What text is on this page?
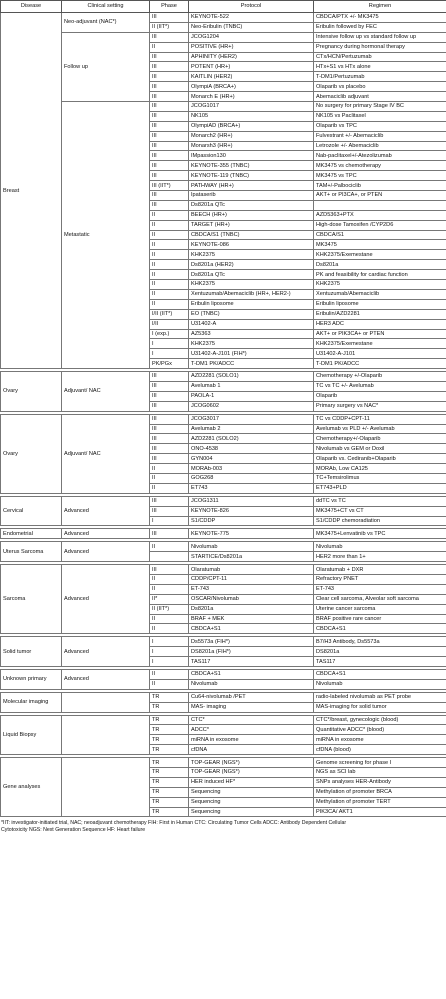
Disease	Clinical setting	Phase	Protocol	Regimen
Breast	Neo-adjuvant (NAC*)	III	KEYNOTE-522	CBDCA/PTX +/- MK3475
		II (IIT*)	Neo-Eribulin (TNBC)	Eribulin followed by FEC
	Follow up	III	JCOG1204	Intensive follow up vs standard follow up
		II	POSITIVE (HR+)	Pregnancy during hormonal therapy
		III	APHINITY (HER2)	CTx/HCN/Pertuzumab
		III	POTENT (HR+)	HTx+S1 vs HTx alone
		III	KAITLIN (HER2)	T-DM1/Pertuzumab
		III	OlympiA (BRCA+)	Olaparib vs placebo
		III	Monarch E (HR+)	Abemaciclib adjuvant
	Metastatic	III	JCOG1017	No surgery for primary Stage IV BC
		III	NK105	NK105 vs Paclitaxel
		III	OlympiAD (BRCA+)	Olaparib vs TPC
		III	Monarch2 (HR+)	Fulvestrant +/- Abemaciclib
		III	Monarsh3 (HR+)	Letrozole +/- Abemaciclib
		III	IMpassion130	Nab-paclitaxel+/-Atezolizumab
		III	KEYNOTE-355 (TNBC)	MK3475 vs chemotherapy
		III	KEYNOTE-119 (TNBC)	MK3475 vs TPC
		III (IIT*)	PATHWAY (HR+)	TAM+/-Palbociclib
		III	Ipataserib	AKT+ or PI3CA+, or PTEN
		III	Ds8201a QTc	
		II	BEECH (HR+)	AZD5363+PTX
		II	TARGET (HR+)	High-dose Tamoxifen /CYP2D6
		II	CBDCA/S1 (TNBC)	CBDCA/S1
		II	KEYNOTE-086	MK3475
		II	KHK2375	KHK2375/Exemestane
		II	Ds8201a (HER2)	Ds8201a
		II	Ds8201a QTc	PK and feasibility for cardiac function
		II	KHK2375	KHK2375
		II	Xentuzumab/Abemaciclib (HR+, HER2-)	Xentuzumab/Abemaciclib
		II	Eribulin liposome	Eribulin liposome
		I/II (IIT*)	EO (TNBC)	Eribulin/AZD2281
		I/II	U31402-A	HER3 ADC
		I (exp.)	AZ5363	AKT+ or PIK3CA+ or PTEN
		I	KHK2375	KHK2375/Exemestane
		I	U31402-A-J101 (FIH*)	U31402-A-J101
		PK/PGx	T-DM1 PK/ADCC	T-DM1 PK/ADCC

Ovary	Adjuvant/ NAC	III	AZD2281 (SOLO1)	Chemotherapy +/-Olaparib
		III	Avelumab 1	TC vs TC +/- Avelumab
		III	PAOLA-1	Olaparib
		III	JCOG0602	Primary surgery vs NAC*

Ovary	Adjuvant/ NAC	III	JCOG3017	TC vs CDDP+CPT-11
		III	Avelumab 2	Avelumab vs PLD +/- Avelumab
		III	AZD2281 (SOLO2)	Chemotherapy+/-Olaparib
		III	ONO-4538	Nivolumab vs GEM or Doxil
		III	GYN004	Olaparib vs. Cediranib+Olaparib
		II	MORAb-003	MORAb, Low CA125
		II	GOG268	TC+Temsirolimus
		II	ET743	ET743+PLD

Cervical	Advanced	III	JCOG1311	ddTC vs TC
		III	KEYNOTE-826	MK3475+CT vs CT
		I	S1/CDDP	S1/CDDP chemoradiation

Endometrial	Advanced	III	KEYNOTE-775	MK3475+Lenvatinib vs TPC

Uterus Sarcoma	Advanced	II	Nivolumab	Nivolumab
			STARTICE/Ds8201a	HER2 more than 1+

Sarcoma	Advanced	III	Olaratumab	Olaratumab + DXR
		II	CDDP/CPT-11	Refractory PNET
		II	ET-743	ET-743
		II*	OSCAR/Nivolumab	Clear cell sarcoma, Alveolar soft sarcoma
		II (IIT*)	Ds8201a	Uterine cancer sarcoma
		II	BRAF + MEK	BRAF positive rare cancer
		II	CBDCA+S1	CBDCA+S1

Solid tumor	Advanced	I	Ds5573a (FIH*)	B7/H3 Antibody, Ds5573a
		I	DS8201a (FIH*)	DS8201a
		I	TAS117	TAS117

Unknown primary	Advanced	II	CBDCA+S1	CBDCA+S1
		II	Nivolumab	Nivolumab

Molecular imaging		TR	Cu64-nivolumab /PET	radio-labeled nivolumab as PET probe
		TR	MAS- imaging	MAS-imaging for solid tumor

Liquid Biopsy		TR	CTC*	CTC*/breast, gynecologic (blood)
		TR	ADCC*	Quantitative ADCC* (blood)
		TR	miRNA in exosome	miRNA in exosome
		TR	cfDNA	cfDNA (blood)

Gene analyses		TR	TOP-GEAR (NGS*)	Genome screening for phase I
		TR	TOP-GEAR (NGS*)	NGS as SCI lab
		TR	HER induced HF*	SNPs analyses HER-Antibody
		TR	Sequencing	Methylation of promoter BRCA
		TR	Sequencing	Methylation of promoter TERT
		TR	Sequencing	PIK3CA/ AKT1
*IIT: investigator-initiated trial, NAC; neoadjuvant chemotherapy FIH: First in Human CTC: Circulating Tumor Cells ADCC: Antibody Dependent Cellular
Cytotoxicity NGS: Next Generation Sequence HF: Heart failure
